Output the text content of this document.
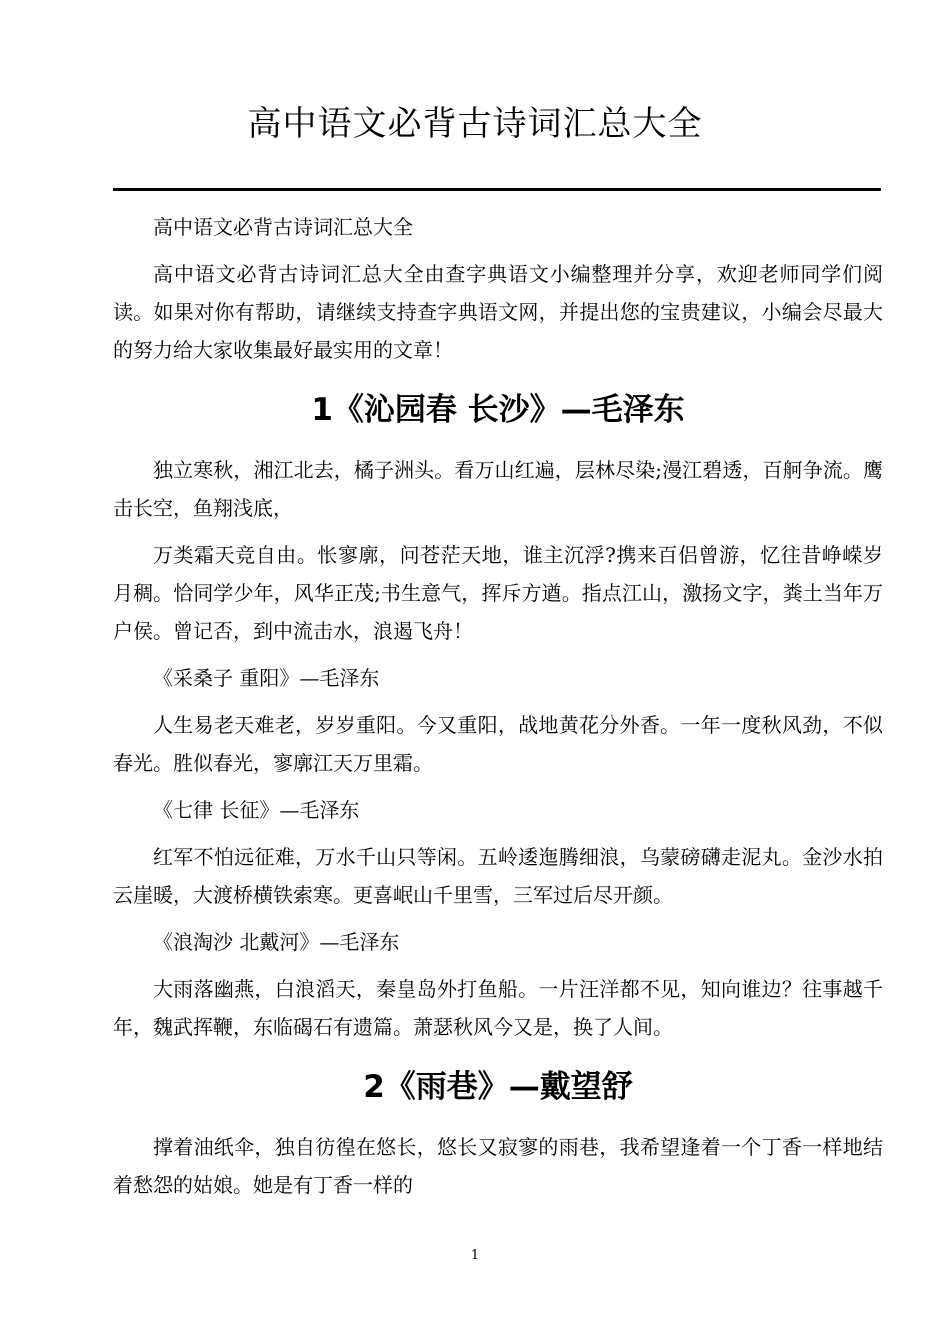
高中语文必背古诗词汇总大全

高中语文必背古诗词汇总大全

高中语文必背古诗词汇总大全由查字典语文小编整理并分享，欢迎老师同学们阅读。如果对你有帮助，请继续支持查字典语文网，并提出您的宝贵建议，小编会尽最大的努力给大家收集最好最实用的文章！

1《沁园春 长沙》—毛泽东

独立寒秋，湘江北去，橘子洲头。看万山红遍，层林尽染;漫江碧透，百舸争流。鹰击长空，鱼翔浅底，

万类霜天竞自由。怅寥廓，问苍茫天地，谁主沉浮?携来百侣曾游，忆往昔峥嵘岁月稠。恰同学少年，风华正茂;书生意气，挥斥方遒。指点江山，激扬文字，粪土当年万户侯。曾记否，到中流击水，浪遏飞舟！

《采桑子 重阳》—毛泽东

人生易老天难老，岁岁重阳。今又重阳，战地黄花分外香。一年一度秋风劲，不似春光。胜似春光，寥廓江天万里霜。

《七律 长征》—毛泽东

红军不怕远征难，万水千山只等闲。五岭逶迤腾细浪，乌蒙磅礴走泥丸。金沙水拍云崖暖，大渡桥横铁索寒。更喜岷山千里雪，三军过后尽开颜。

《浪淘沙 北戴河》—毛泽东

大雨落幽燕，白浪滔天，秦皇岛外打鱼船。一片汪洋都不见，知向谁边？往事越千年，魏武挥鞭，东临碣石有遗篇。萧瑟秋风今又是，换了人间。

2《雨巷》—戴望舒

撑着油纸伞，独自彷徨在悠长，悠长又寂寥的雨巷，我希望逢着一个丁香一样地结着愁怨的姑娘。她是有丁香一样的

1
